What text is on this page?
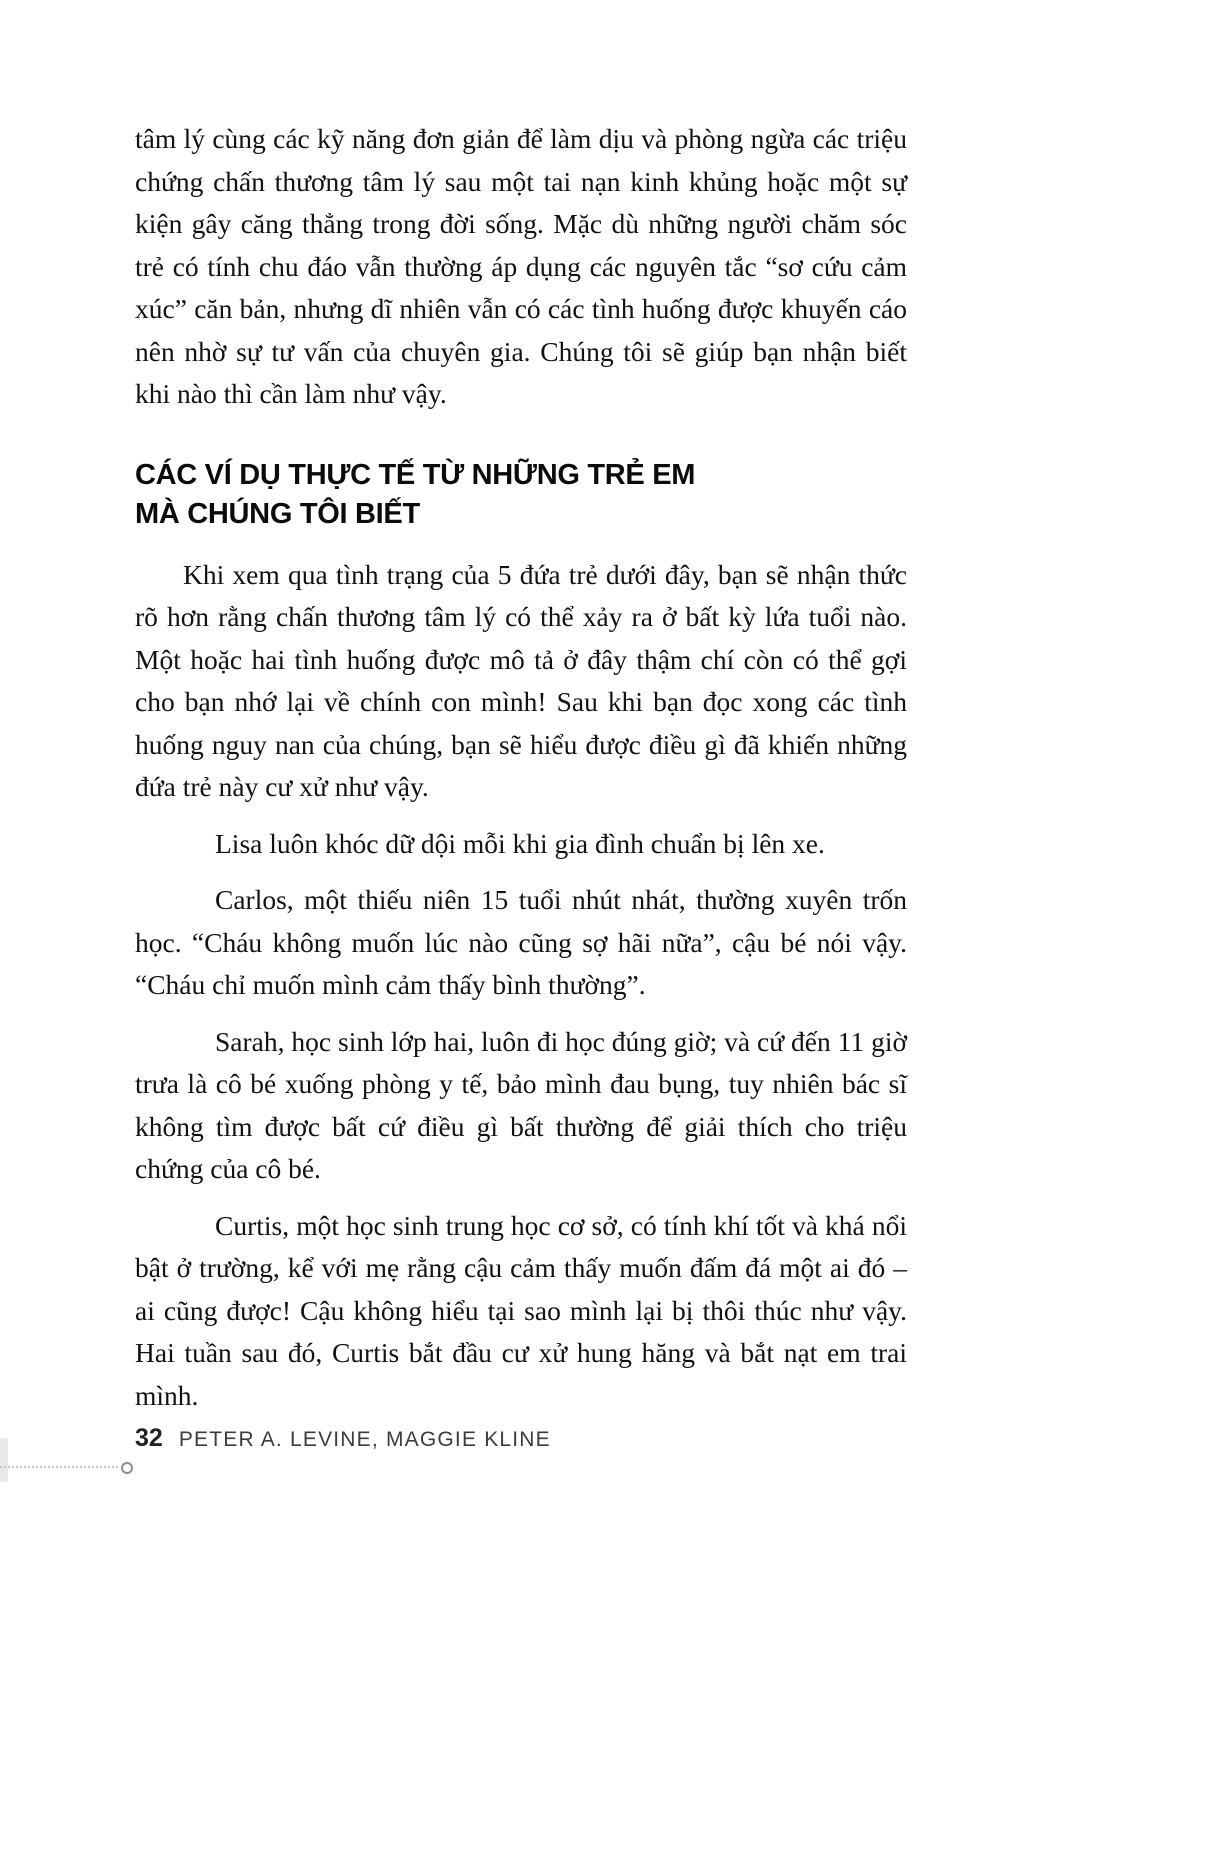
tâm lý cùng các kỹ năng đơn giản để làm dịu và phòng ngừa các triệu chứng chấn thương tâm lý sau một tai nạn kinh khủng hoặc một sự kiện gây căng thẳng trong đời sống. Mặc dù những người chăm sóc trẻ có tính chu đáo vẫn thường áp dụng các nguyên tắc “sơ cứu cảm xúc” căn bản, nhưng dĩ nhiên vẫn có các tình huống được khuyến cáo nên nhờ sự tư vấn của chuyên gia. Chúng tôi sẽ giúp bạn nhận biết khi nào thì cần làm như vậy.

CÁC VÍ DỤ THỰC TẾ TỪ NHỮNG TRẺ EM
MÀ CHÚNG TÔI BIẾT

Khi xem qua tình trạng của 5 đứa trẻ dưới đây, bạn sẽ nhận thức rõ hơn rằng chấn thương tâm lý có thể xảy ra ở bất kỳ lứa tuổi nào. Một hoặc hai tình huống được mô tả ở đây thậm chí còn có thể gợi cho bạn nhớ lại về chính con mình! Sau khi bạn đọc xong các tình huống nguy nan của chúng, bạn sẽ hiểu được điều gì đã khiến những đứa trẻ này cư xử như vậy.

Lisa luôn khóc dữ dội mỗi khi gia đình chuẩn bị lên xe.

Carlos, một thiếu niên 15 tuổi nhút nhát, thường xuyên trốn học. “Cháu không muốn lúc nào cũng sợ hãi nữa”, cậu bé nói vậy. “Cháu chỉ muốn mình cảm thấy bình thường”.

Sarah, học sinh lớp hai, luôn đi học đúng giờ; và cứ đến 11 giờ trưa là cô bé xuống phòng y tế, bảo mình đau bụng, tuy nhiên bác sĩ không tìm được bất cứ điều gì bất thường để giải thích cho triệu chứng của cô bé.

Curtis, một học sinh trung học cơ sở, có tính khí tốt và khá nổi bật ở trường, kể với mẹ rằng cậu cảm thấy muốn đấm đá một ai đó – ai cũng được! Cậu không hiểu tại sao mình lại bị thôi thúc như vậy. Hai tuần sau đó, Curtis bắt đầu cư xử hung hăng và bắt nạt em trai mình.

32 PETER A. LEVINE, MAGGIE KLINE
